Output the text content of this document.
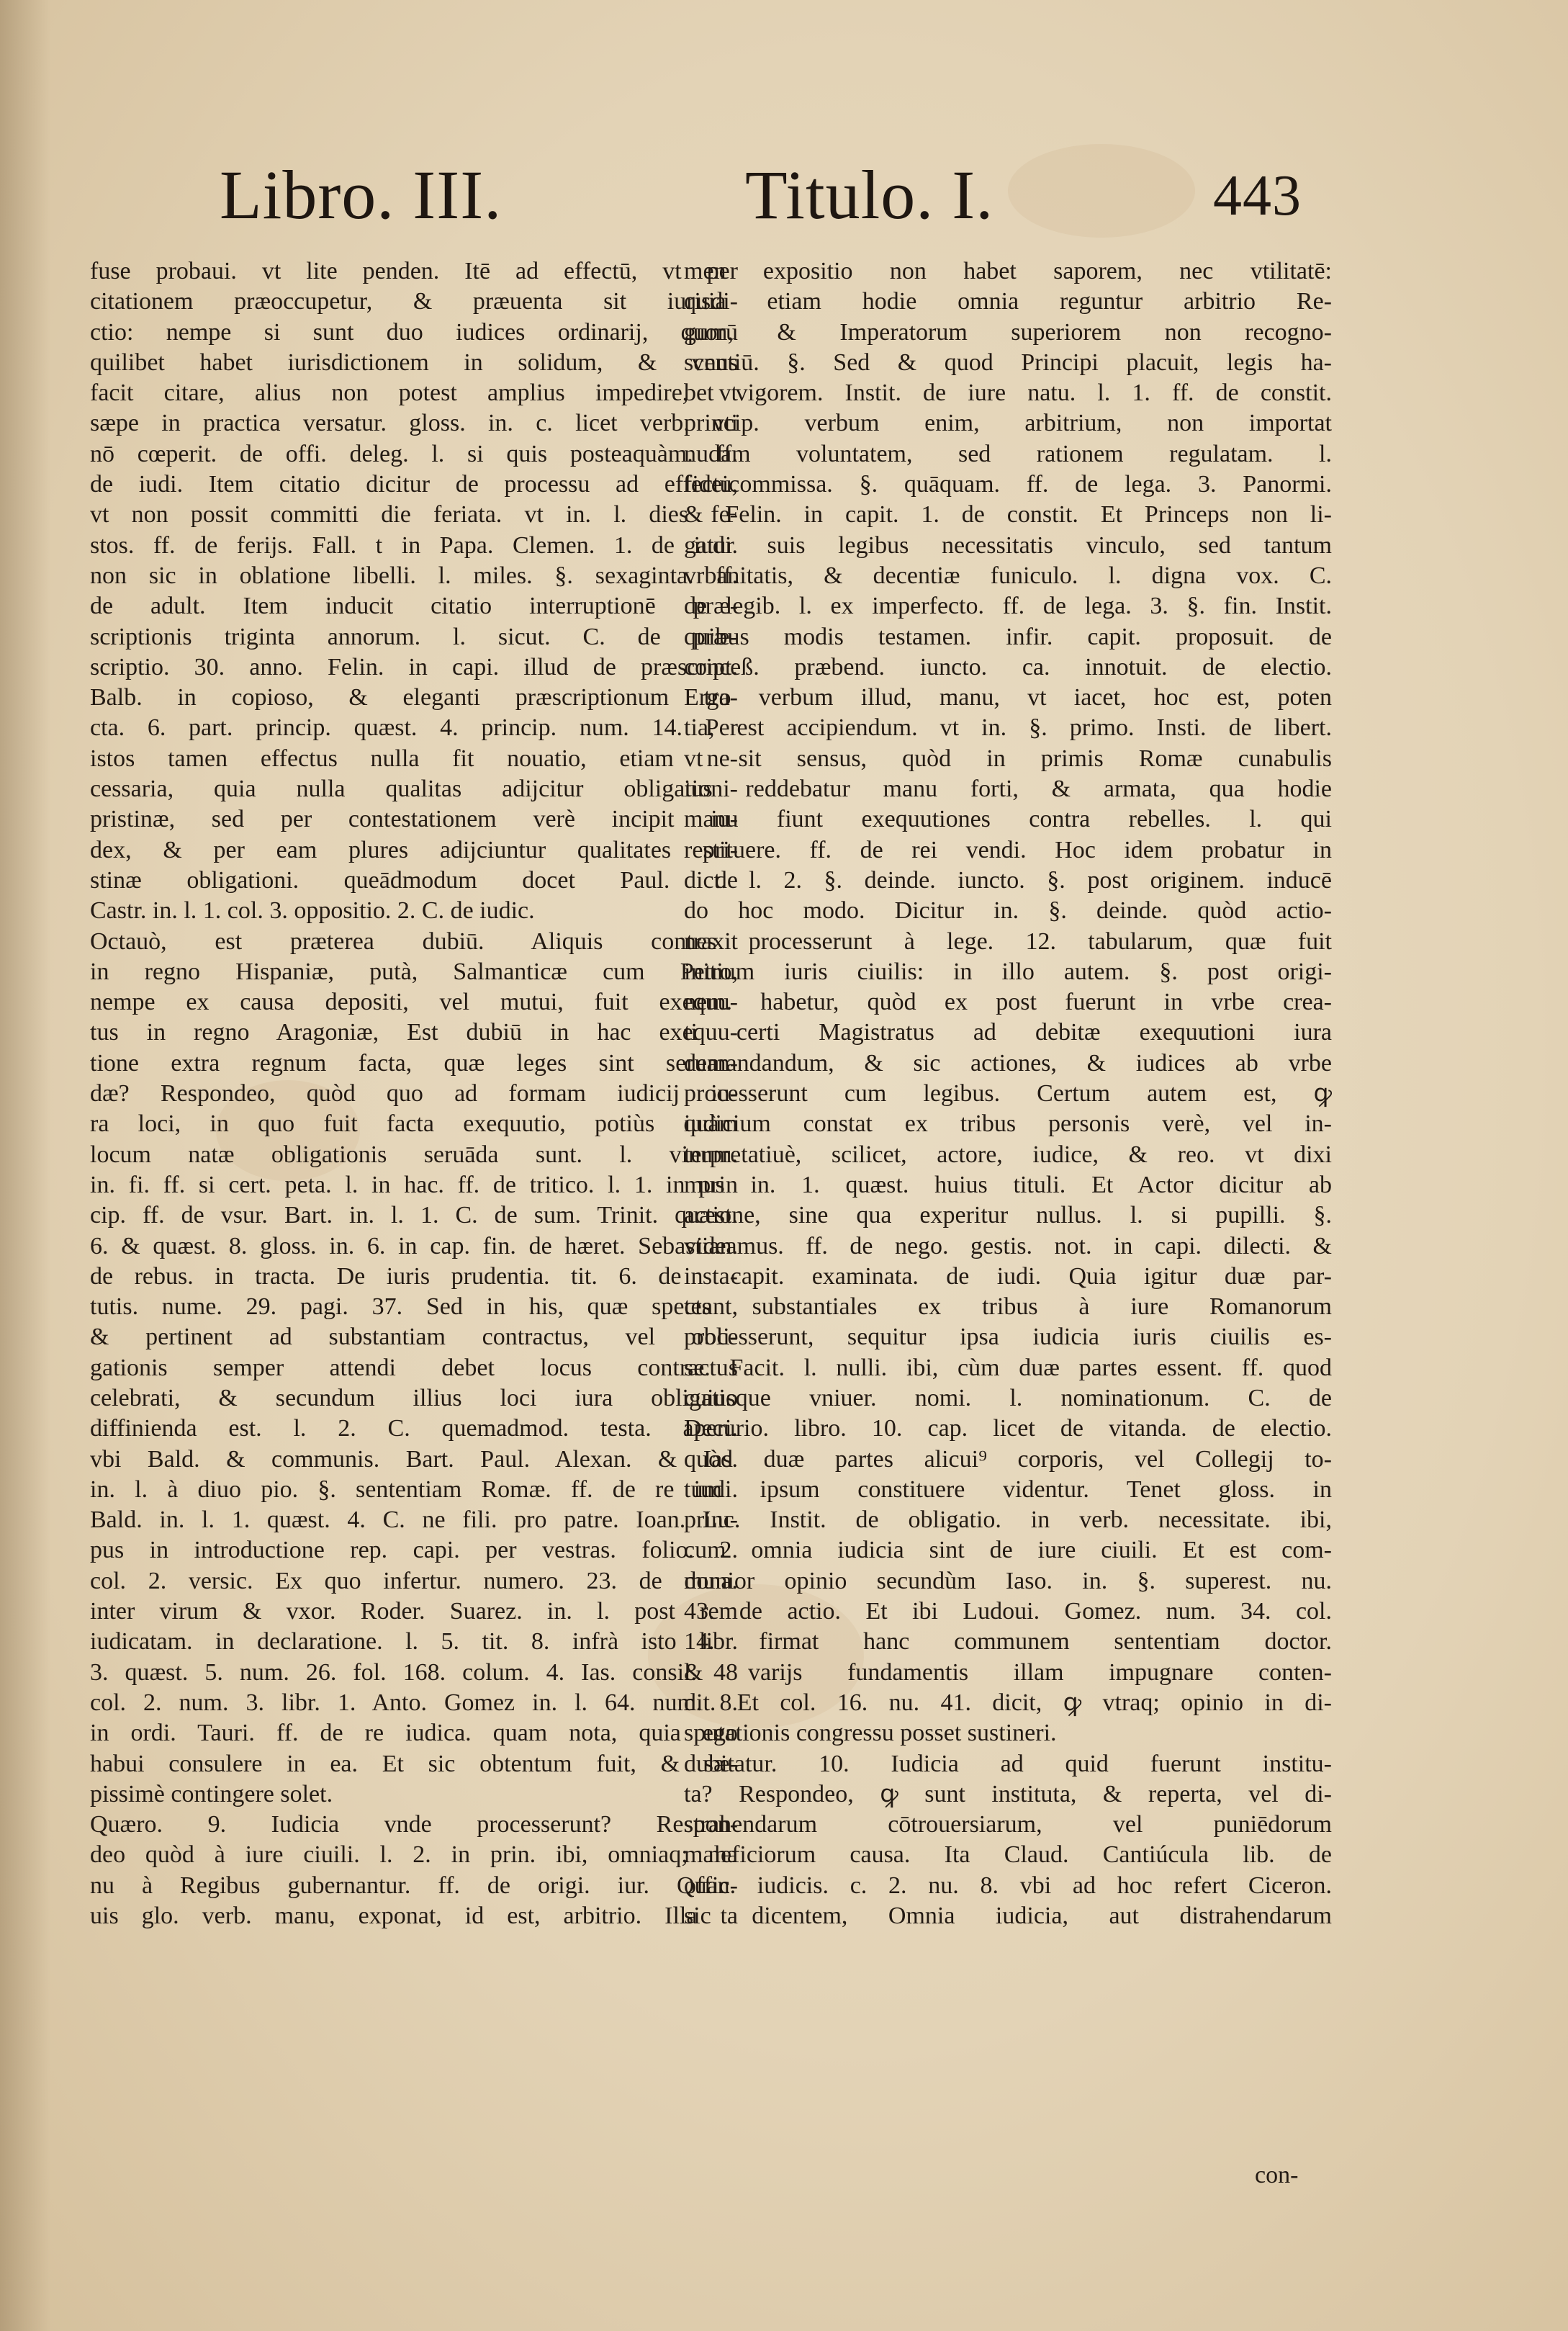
Libro. III.	Titulo. I.	443
fuse probaui. vt lite penden. Itē ad effectū, vt per
citationem præoccupetur, & præuenta sit iurisdi-
ctio: nempe si sunt duo iudices ordinarij, quorū
quilibet habet iurisdictionem in solidum, & vnus
facit citare, alius non potest amplius impedire, vt
sæpe in practica versatur. gloss. in. c. licet verb. vti
nō cœperit. de offi. deleg. l. si quis posteaquàm. ff.
de iudi. Item citatio dicitur de processu ad effectu,
vt non possit committi die feriata. vt in. l. dies fe-
stos. ff. de ferijs. Fall. t in Papa. Clemen. 1. de iudi.
non sic in oblatione libelli. l. miles. §. sexaginta. ff.
de adult. Item inducit citatio interruptionē præ-
scriptionis triginta annorum. l. sicut. C. de præ-
scriptio. 30. anno. Felin. in capi. illud de præscript.
Balb. in copioso, & eleganti præscriptionum tra-
cta. 6. part. princip. quæst. 4. princip. num. 14. Per
istos tamen effectus nulla fit nouatio, etiam ne-
cessaria, quia nulla qualitas adijcitur obligationi-
pristinæ, sed per contestationem verè incipit iu-
dex, & per eam plures adijciuntur qualitates pri-
stinæ obligationi. queādmodum docet Paul. de
Castr. in. l. 1. col. 3. oppositio. 2. C. de iudic.
Octauò, est præterea dubiū. Aliquis contraxit
in regno Hispaniæ, putà, Salmanticæ cum Petro,
nempe ex causa depositi, vel mutui, fuit exequu-
tus in regno Aragoniæ, Est dubiū in hac exequu-
tione extra regnum facta, quæ leges sint seruan-
dæ? Respondeo, quòd quo ad formam iudicij iu-
ra loci, in quo fuit facta exequutio, potiùs quàm
locum natæ obligationis seruāda sunt. l. vinum.
in. fi. ff. si cert. peta. l. in hac. ff. de tritico. l. 1. in prin
cip. ff. de vsur. Bart. in. l. 1. C. de sum. Trinit. quæst.
6. & quæst. 8. gloss. in. 6. in cap. fin. de hæret. Sebastian.
de rebus. in tracta. De iuris prudentia. tit. 6. de sta-
tutis. nume. 29. pagi. 37. Sed in his, quæ spectant,
& pertinent ad substantiam contractus, vel obli-
gationis semper attendi debet locus contractus
celebrati, & secundum illius loci iura obligatio
diffinienda est. l. 2. C. quemadmod. testa. aperi.
vbi Bald. & communis. Bart. Paul. Alexan. & Ias.
in. l. à diuo pio. §. sententiam Romæ. ff. de re iudi.
Bald. in. l. 1. quæst. 4. C. ne fili. pro patre. Ioan. Lu-
pus in introductione rep. capi. per vestras. folio. 2.
col. 2. versic. Ex quo infertur. numero. 23. de dona.
inter virum & vxor. Roder. Suarez. in. l. post rem
iudicatam. in declaratione. l. 5. tit. 8. infrà isto libr.
3. quæst. 5. num. 26. fol. 168. colum. 4. Ias. consil. 48
col. 2. num. 3. libr. 1. Anto. Gomez in. l. 64. num. 8.
in ordi. Tauri. ff. de re iudica. quam nota, quia ego
habui consulere in ea. Et sic obtentum fuit, & sæ-
pissimè contingere solet.
Quæro. 9. Iudicia vnde processerunt? Respon-
deo quòd à iure ciuili. l. 2. in prin. ibi, omniaq; ma
nu à Regibus gubernantur. ff. de origi. iur. Quan-
uis glo. verb. manu, exponat, id est, arbitrio. Illa ta
men expositio non habet saporem, nec vtilitatē:
quia etiam hodie omnia reguntur arbitrio Re-
gum, & Imperatorum superiorem non recogno-
scentiū. §. Sed & quod Principi placuit, legis ha-
bet vigorem. Instit. de iure natu. l. 1. ff. de constit.
princip. verbum enim, arbitrium, non importat
nudam voluntatem, sed rationem regulatam. l.
fideicommissa. §. quāquam. ff. de lega. 3. Panormi.
& Felin. in capit. 1. de constit. Et Princeps non li-
gatur suis legibus necessitatis vinculo, sed tantum
vrbanitatis, & decentiæ funiculo. l. digna vox. C.
de legib. l. ex imperfecto. ff. de lega. 3. §. fin. Instit.
quibus modis testamen. infir. capit. proposuit. de
conceß. præbend. iuncto. ca. innotuit. de electio.
Ergo verbum illud, manu, vt iacet, hoc est, poten
tia, est accipiendum. vt in. §. primo. Insti. de libert.
vt sit sensus, quòd in primis Romæ cunabulis
ius reddebatur manu forti, & armata, qua hodie
manu fiunt exequutiones contra rebelles. l. qui
restituere. ff. de rei vendi. Hoc idem probatur in
dict. l. 2. §. deinde. iuncto. §. post originem. inducē
do hoc modo. Dicitur in. §. deinde. quòd actio-
nes processerunt à lege. 12. tabularum, quæ fuit
initium iuris ciuilis: in illo autem. §. post origi-
nem. habetur, quòd ex post fuerunt in vrbe crea-
ti certi Magistratus ad debitæ exequutioni iura
demandandum, & sic actiones, & iudices ab vrbe
processerunt cum legibus. Certum autem est, ꝙ
iudicium constat ex tribus personis verè, vel in-
terpretatiuè, scilicet, actore, iudice, & reo. vt dixi
mus in. 1. quæst. huius tituli. Et Actor dicitur ab
actione, sine qua experitur nullus. l. si pupilli. §.
videamus. ff. de nego. gestis. not. in capi. dilecti. &
in capit. examinata. de iudi. Quia igitur duæ par-
tes substantiales ex tribus à iure Romanorum
processerunt, sequitur ipsa iudicia iuris ciuilis es-
se. Facit. l. nulli. ibi, cùm duæ partes essent. ff. quod
cuiusque vniuer. nomi. l. nominationum. C. de
Decurio. libro. 10. cap. licet de vitanda. de electio.
quòd duæ partes alicui⁹ corporis, vel Collegij to-
tum ipsum constituere videntur. Tenet gloss. in
princ. Instit. de obligatio. in verb. necessitate. ibi,
cum omnia iudicia sint de iure ciuili. Et est com-
munior opinio secundùm Iaso. in. §. superest. nu.
43. de actio. Et ibi Ludoui. Gomez. num. 34. col.
14. firmat hanc communem sententiam doctor.
& varijs fundamentis illam impugnare conten-
dit. Et col. 16. nu. 41. dicit, ꝙ vtraq; opinio in di-
sputationis congressu posset sustineri.
dubitatur. 10. Iudicia ad quid fuerunt institu-
ta? Respondeo, ꝙ sunt instituta, & reperta, vel di-
strahendarum cōtrouersiarum, vel puniēdorum
maleficiorum causa. Ita Claud. Cantiúcula lib. de
offic. iudicis. c. 2. nu. 8. vbi ad hoc refert Ciceron.
sic dicentem, Omnia iudicia, aut distrahendarum
con-
